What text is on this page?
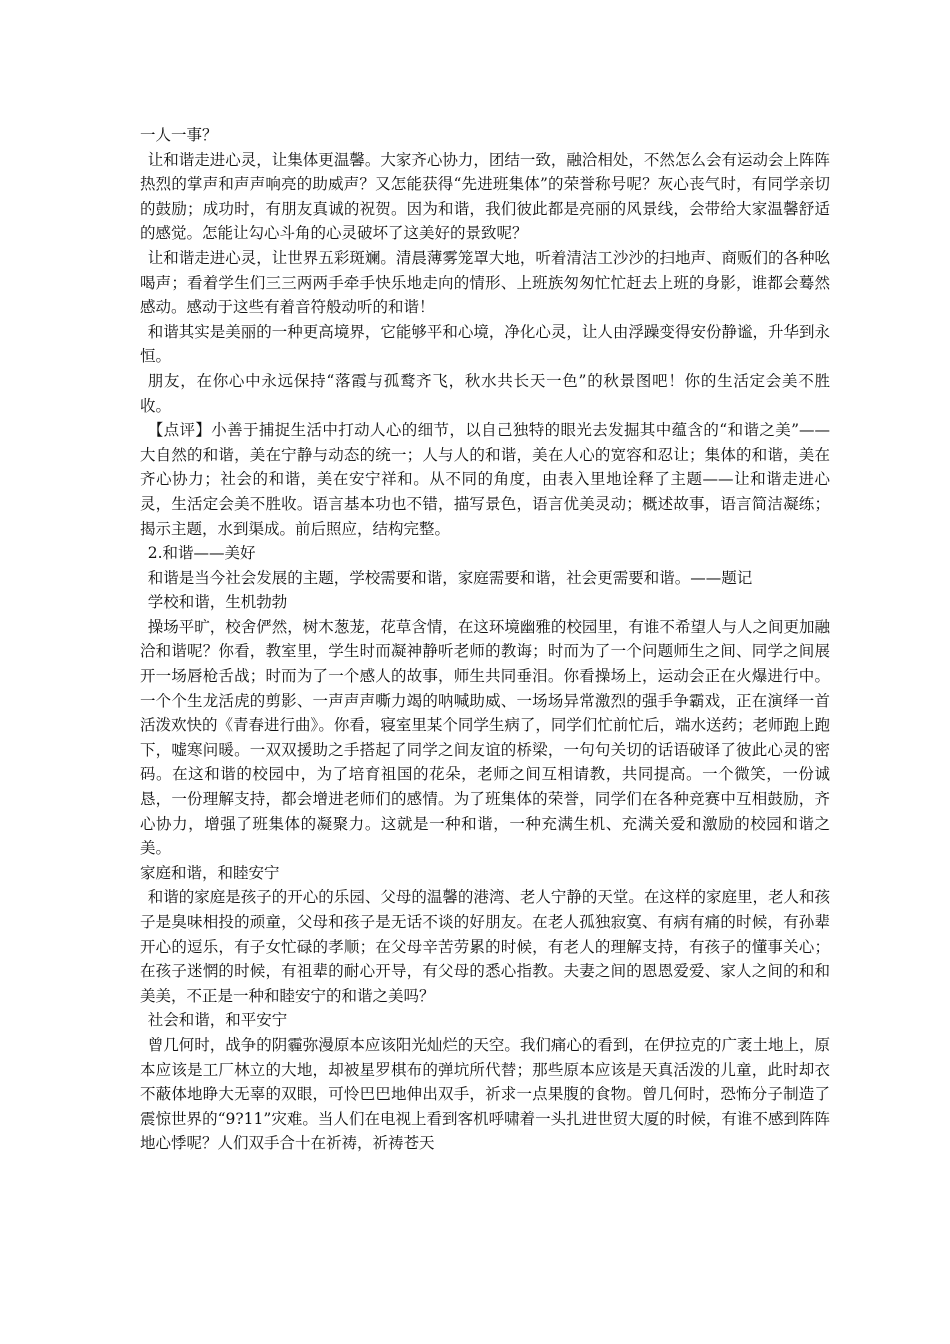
一人一事？

让和谐走进心灵，让集体更温馨。大家齐心协力，团结一致，融洽相处，不然怎么会有运动会上阵阵热烈的掌声和声声响亮的助威声？又怎能获得“先进班集体”的荣誉称号呢？灰心丧气时，有同学亲切的鼓励；成功时，有朋友真诚的祝贺。因为和谐，我们彼此都是亮丽的风景线，会带给大家温馨舒适的感觉。怎能让勾心斗角的心灵破坏了这美好的景致呢？

让和谐走进心灵，让世界五彩斑斓。清晨薄雾笼罩大地，听着清洁工沙沙的扫地声、商贩们的各种吆喝声；看着学生们三三两两手牵手快乐地走向的情形、上班族匆匆忙忙赶去上班的身影，谁都会蓦然感动。感动于这些有着音符般动听的和谐！

和谐其实是美丽的一种更高境界，它能够平和心境，净化心灵，让人由浮躁变得安份静谧，升华到永恒。

朋友，在你心中永远保持“落霞与孤鹜齐飞，秋水共长天一色”的秋景图吧！你的生活定会美不胜收。

【点评】小善于捕捉生活中打动人心的细节，以自己独特的眼光去发掘其中蕴含的“和谐之美”——大自然的和谐，美在宁静与动态的统一；人与人的和谐，美在人心的宽容和忍让；集体的和谐，美在齐心协力；社会的和谐，美在安宁祥和。从不同的角度，由表入里地诠释了主题——让和谐走进心灵，生活定会美不胜收。语言基本功也不错，描写景色，语言优美灵动；概述故事，语言简洁凝练；揭示主题，水到渠成。前后照应，结构完整。

2.和谐——美好

和谐是当今社会发展的主题，学校需要和谐，家庭需要和谐，社会更需要和谐。——题记

学校和谐，生机勃勃

操场平旷，校舍俨然，树木葱茏，花草含情，在这环境幽雅的校园里，有谁不希望人与人之间更加融洽和谐呢？你看，教室里，学生时而凝神静听老师的教诲；时而为了一个问题师生之间、同学之间展开一场唇枪舌战；时而为了一个感人的故事，师生共同垂泪。你看操场上，运动会正在火爆进行中。一个个生龙活虎的剪影、一声声声嘶力竭的呐喊助威、一场场异常激烈的强手争霸戏，正在演绎一首活泼欢快的《青春进行曲》。你看，寝室里某个同学生病了，同学们忙前忙后，端水送药；老师跑上跑下，嘘寒问暖。一双双援助之手搭起了同学之间友谊的桥梁，一句句关切的话语破译了彼此心灵的密码。在这和谐的校园中，为了培育祖国的花朵，老师之间互相请教，共同提高。一个微笑，一份诚恳，一份理解支持，都会增进老师们的感情。为了班集体的荣誉，同学们在各种竞赛中互相鼓励，齐心协力，增强了班集体的凝聚力。这就是一种和谐，一种充满生机、充满关爱和激励的校园和谐之美。

家庭和谐，和睦安宁

和谐的家庭是孩子的开心的乐园、父母的温馨的港湾、老人宁静的天堂。在这样的家庭里，老人和孩子是臭味相投的顽童，父母和孩子是无话不谈的好朋友。在老人孤独寂寞、有病有痛的时候，有孙辈开心的逗乐，有子女忙碌的孝顺；在父母辛苦劳累的时候，有老人的理解支持，有孩子的懂事关心；在孩子迷惘的时候，有祖辈的耐心开导，有父母的悉心指教。夫妻之间的恩恩爱爱、家人之间的和和美美，不正是一种和睦安宁的和谐之美吗？

社会和谐，和平安宁

曾几何时，战争的阴霾弥漫原本应该阳光灿烂的天空。我们痛心的看到，在伊拉克的广袤土地上，原本应该是工厂林立的大地，却被星罗棋布的弹坑所代替；那些原本应该是天真活泼的儿童，此时却衣不蔽体地睁大无辜的双眼，可怜巴巴地伸出双手，祈求一点果腹的食物。曾几何时，恐怖分子制造了震惊世界的“9?11”灾难。当人们在电视上看到客机呼啸着一头扎进世贸大厦的时候，有谁不感到阵阵地心悸呢？人们双手合十在祈祷，祈祷苍天
